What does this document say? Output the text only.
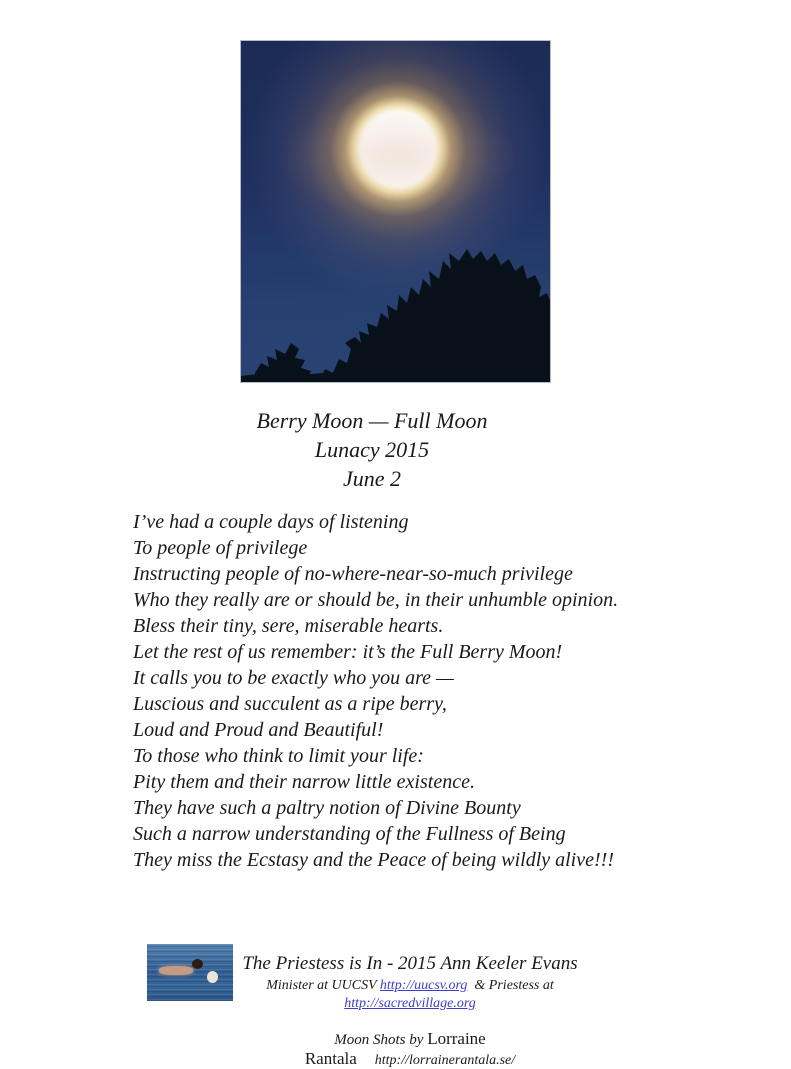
Berry Moon — Full Moon
Lunacy 2015
June 2
I’ve had a couple days of listening
To people of privilege
Instructing people of no-where-near-so-much privilege
Who they really are or should be, in their unhumble opinion.
Bless their tiny, sere, miserable hearts.
Let the rest of us remember: it’s the Full Berry Moon!
It calls you to be exactly who you are —
Luscious and succulent as a ripe berry,
Loud and Proud and Beautiful!
To those who think to limit your life:
Pity them and their narrow little existence.
They have such a paltry notion of Divine Bounty
Such a narrow understanding of the Fullness of Being
They miss the Ecstasy and the Peace of being wildly alive!!!
The Priestess is In - 2015 Ann Keeler Evans
Minister at UUCSV http://uucsv.org  & Priestess at http://sacredvillage.org
Moon Shots by Lorraine Rantala http://lorrainerantala.se/
